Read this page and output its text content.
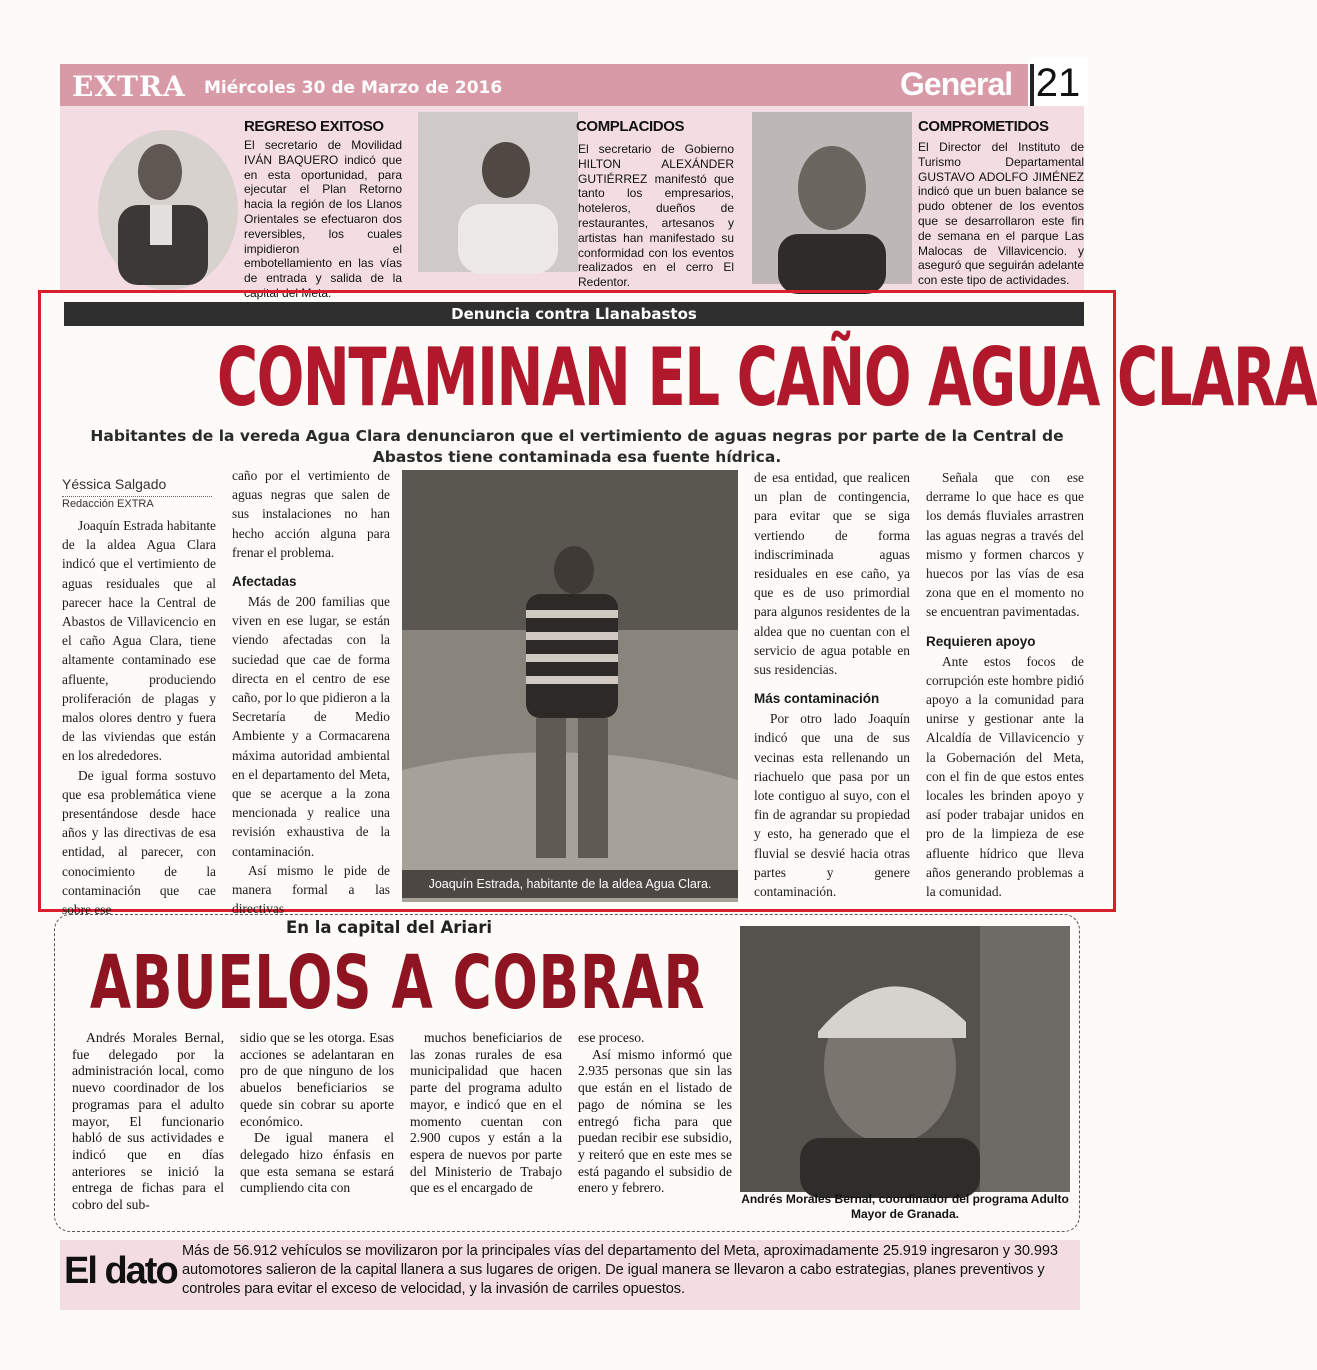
EXTRA Miércoles 30 de Marzo de 2016	General 21
REGRESO EXITOSO
El secretario de Movilidad IVÁN BAQUERO indicó que en esta oportunidad, para ejecutar el Plan Retorno hacia la región de los Llanos Orientales se efectuaron dos reversibles, los cuales impidieron el embotellamiento en las vías de entrada y salida de la capital del Meta.
COMPLACIDOS
El secretario de Gobierno HILTON ALEXÁNDER GUTIÉRREZ manifestó que tanto los empresarios, hoteleros, dueños de restaurantes, artesanos y artistas han manifestado su conformidad con los eventos realizados en el cerro El Redentor.
COMPROMETIDOS
El Director del Instituto de Turismo Departamental GUSTAVO ADOLFO JIMÉNEZ indicó que un buen balance se pudo obtener de los eventos que se desarrollaron este fin de semana en el parque Las Malocas de Villavicencio. y aseguró que seguirán adelante con este tipo de actividades.
Denuncia contra Llanabastos
CONTAMINAN EL CAÑO AGUA CLARA
Habitantes de la vereda Agua Clara denunciaron que el vertimiento de aguas negras por parte de la Central de Abastos tiene contaminada esa fuente hídrica.
Yéssica Salgado
Redacción EXTRA

Joaquín Estrada habitante de la aldea Agua Clara indicó que el vertimiento de aguas residuales que al parecer hace la Central de Abastos de Villavicencio en el caño Agua Clara, tiene altamente contaminado ese afluente, produciendo proliferación de plagas y malos olores dentro y fuera de las viviendas que están en los alrededores.

De igual forma sostuvo que esa problemática viene presentándose desde hace años y las directivas de esa entidad, al parecer, con conocimiento de la contaminación que cae sobre ese

caño por el vertimiento de aguas negras que salen de sus instalaciones no han hecho acción alguna para frenar el problema.

Afectadas

Más de 200 familias que viven en ese lugar, se están viendo afectadas con la suciedad que cae de forma directa en el centro de ese caño, por lo que pidieron a la Secretaría de Medio Ambiente y a Cormacarena máxima autoridad ambiental en el departamento del Meta, que se acerque a la zona mencionada y realice una revisión exhaustiva de la contaminación.

Así mismo le pide de manera formal a las directivas

Joaquín Estrada, habitante de la aldea Agua Clara.

de esa entidad, que realicen un plan de contingencia, para evitar que se siga vertiendo de forma indiscriminada aguas residuales en ese caño, ya que es de uso primordial para algunos residentes de la aldea que no cuentan con el servicio de agua potable en sus residencias.

Más contaminación

Por otro lado Joaquín indicó que una de sus vecinas esta rellenando un riachuelo que pasa por un lote contiguo al suyo, con el fin de agrandar su propiedad y esto, ha generado que el fluvial se desvié hacia otras partes y genere contaminación.

Señala que con ese derrame lo que hace es que los demás fluviales arrastren las aguas negras a través del mismo y formen charcos y huecos por las vías de esa zona que en el momento no se encuentran pavimentadas.

Requieren apoyo

Ante estos focos de corrupción este hombre pidió apoyo a la comunidad para unirse y gestionar ante la Alcaldía de Villavicencio y la Gobernación del Meta, con el fin de que estos entes locales les brinden apoyo y así poder trabajar unidos en pro de la limpieza de ese afluente hídrico que lleva años generando problemas a la comunidad.

En la capital del Ariari
ABUELOS A COBRAR

Andrés Morales Bernal, fue delegado por la administración local, como nuevo coordinador de los programas para el adulto mayor, El funcionario habló de sus actividades e indicó que en días anteriores se inició la entrega de fichas para el cobro del sub-

sidio que se les otorga. Esas acciones se adelantaran en pro de que ninguno de los abuelos beneficiarios se quede sin cobrar su aporte económico.

De igual manera el delegado hizo énfasis en que esta semana se estará cumpliendo cita con

muchos beneficiarios de las zonas rurales de esa municipalidad que hacen parte del programa adulto mayor, e indicó que en el momento cuentan con 2.900 cupos y están a la espera de nuevos por parte del Ministerio de Trabajo que es el encargado de

ese proceso.

Así mismo informó que 2.935 personas que sin las que están en el listado de pago de nómina se les entregó ficha para que puedan recibir ese subsidio, y reiteró que en este mes se está pagando el subsidio de enero y febrero.

Andrés Morales Bernal, coordinador del programa Adulto Mayor de Granada.
El dato Más de 56.912 vehículos se movilizaron por la principales vías del departamento del Meta, aproximadamente 25.919 ingresaron y 30.993 automotores salieron de la capital llanera a sus lugares de origen. De igual manera se llevaron a cabo estrategias, planes preventivos y controles para evitar el exceso de velocidad, y la invasión de carriles opuestos.
